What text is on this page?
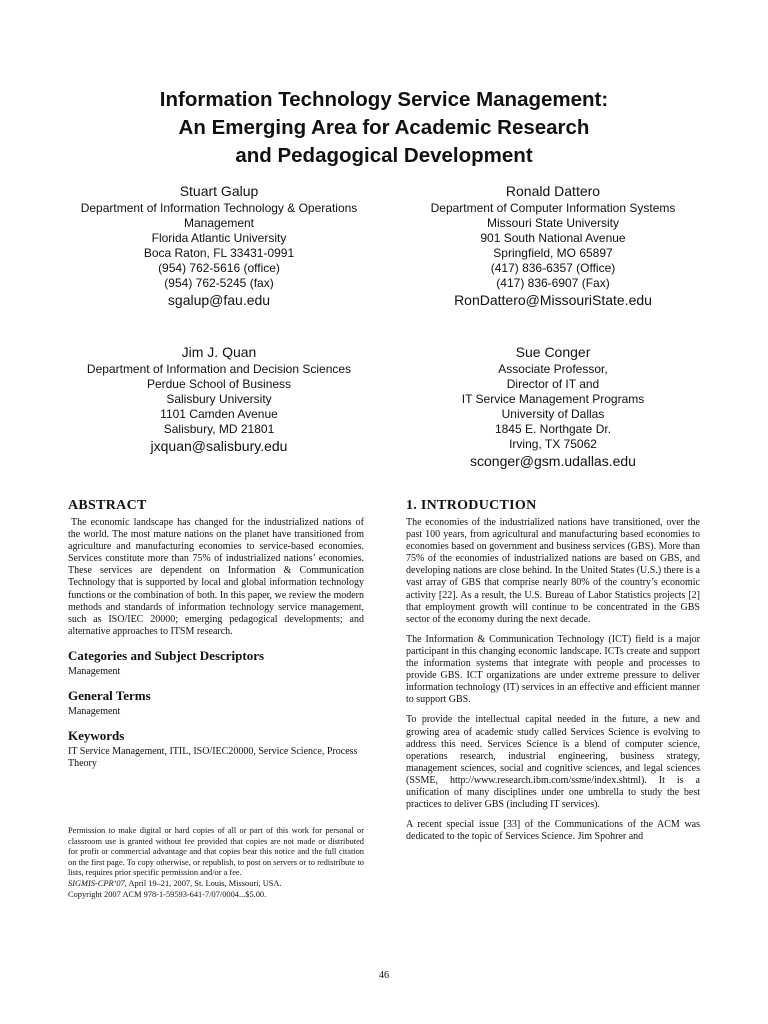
Information Technology Service Management:
An Emerging Area for Academic Research
and Pedagogical Development
Stuart Galup
Department of Information Technology & Operations
Management
Florida Atlantic University
Boca Raton, FL 33431-0991
(954) 762-5616 (office)
(954) 762-5245 (fax)
sgalup@fau.edu
Ronald Dattero
Department of Computer Information Systems
Missouri State University
901 South National Avenue
Springfield, MO 65897
(417) 836-6357 (Office)
(417) 836-6907 (Fax)
RonDattero@MissouriState.edu
Jim J. Quan
Department of Information and Decision Sciences
Perdue School of Business
Salisbury University
1101 Camden Avenue
Salisbury, MD 21801
jxquan@salisbury.edu
Sue Conger
Associate Professor,
Director of IT and
IT Service Management Programs
University of Dallas
1845 E. Northgate Dr.
Irving, TX 75062
sconger@gsm.udallas.edu
ABSTRACT

The economic landscape has changed for the industrialized nations of the world. The most mature nations on the planet have transitioned from agriculture and manufacturing economies to service-based economies. Services constitute more than 75% of industrialized nations’ economies. These services are dependent on Information & Communication Technology that is supported by local and global information technology functions or the combination of both. In this paper, we review the modern methods and standards of information technology service management, such as ISO/IEC 20000; emerging pedagogical developments; and alternative approaches to ITSM research.

Categories and Subject Descriptors

Management

General Terms

Management

Keywords

IT Service Management, ITIL, ISO/IEC20000, Service Science, Process Theory

Permission to make digital or hard copies of all or part of this work for personal or classroom use is granted without fee provided that copies are not made or distributed for profit or commercial advantage and that copies bear this notice and the full citation on the first page. To copy otherwise, or republish, to post on servers or to redistribute to lists, requires prior specific permission and/or a fee.
SIGMIS-CPR’07, April 19–21, 2007, St. Louis, Missouri, USA.
Copyright 2007 ACM 978-1-59593-641-7/07/0004...$5.00.
1. INTRODUCTION

The economies of the industrialized nations have transitioned, over the past 100 years, from agricultural and manufacturing based economies to economies based on government and business services (GBS). More than 75% of the economies of industrialized nations are based on GBS, and developing nations are close behind. In the United States (U.S.) there is a vast array of GBS that comprise nearly 80% of the country’s economic activity [22]. As a result, the U.S. Bureau of Labor Statistics projects [2] that employment growth will continue to be concentrated in the GBS sector of the economy during the next decade.

The Information & Communication Technology (ICT) field is a major participant in this changing economic landscape. ICTs create and support the information systems that integrate with people and processes to provide GBS. ICT organizations are under extreme pressure to deliver information technology (IT) services in an effective and efficient manner to support GBS.

To provide the intellectual capital needed in the future, a new and growing area of academic study called Services Science is evolving to address this need. Services Science is a blend of computer science, operations research, industrial engineering, business strategy, management sciences, social and cognitive sciences, and legal sciences (SSME, http://www.research.ibm.com/ssme/index.shtml). It is a unification of many disciplines under one umbrella to study the best practices to deliver GBS (including IT services).

A recent special issue [33] of the Communications of the ACM was dedicated to the topic of Services Science. Jim Spohrer and

46
